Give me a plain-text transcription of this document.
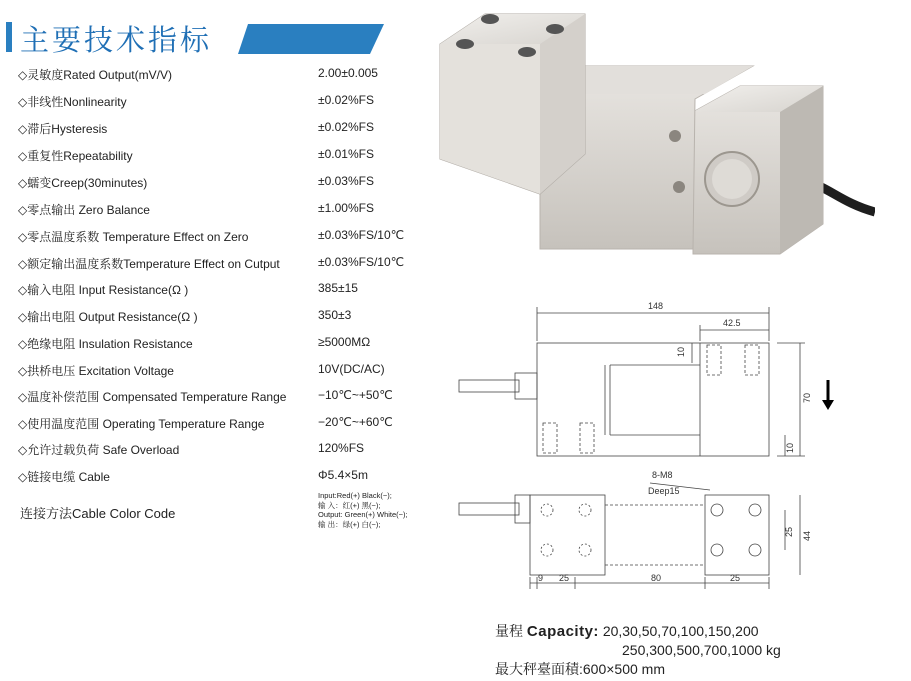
主要技术指标
◇灵敏度Rated Output(mV/V)	2.00±0.005
◇非线性Nonlinearity	±0.02%FS
◇滞后Hysteresis	±0.02%FS
◇重复性Repeatability	±0.01%FS
◇蠕变Creep(30minutes)	±0.03%FS
◇零点输出 Zero Balance	±1.00%FS
◇零点温度系数 Temperature Effect on Zero	±0.03%FS/10℃
◇额定输出温度系数Temperature Effect on Cutput	±0.03%FS/10℃
◇输入电阻 Input Resistance(Ω )	385±15
◇输出电阻 Output Resistance(Ω )	350±3
◇绝缘电阻 Insulation Resistance	≥5000MΩ
◇拱桥电压 Excitation Voltage	10V(DC/AC)
◇温度补偿范围 Compensated Temperature Range	−10℃~+50℃
◇使用温度范围 Operating Temperature Range	−20℃~+60℃
◇允许过载负荷 Safe Overload	120%FS
◇链接电缆 Cable	Φ5.4×5m
连接方法Cable Color Code
Input:Red(+) Black(−);
输 入：红(+) 黑(−);
Output: Green(+) White(−);
输 出：绿(+) 白(−);
148
42.5
10
70
10
8-M8
Deep15
9 25	80	25
25 44
量程 Capacity: 20,30,50,70,100,150,200
250,300,500,700,1000 kg
最大秤臺面積:600×500 mm
